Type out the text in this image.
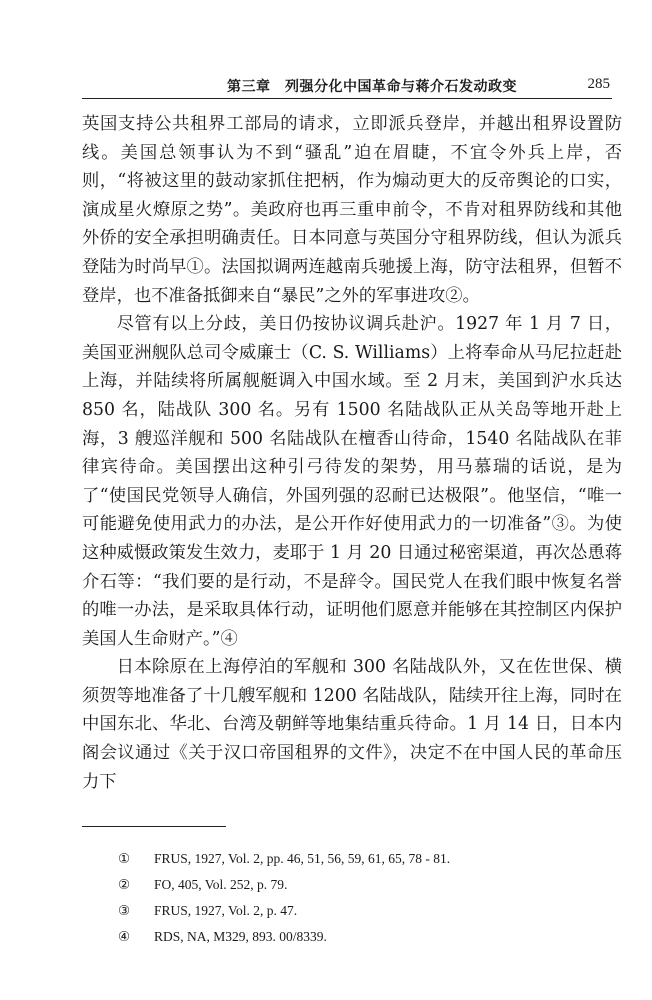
第三章　列强分化中国革命与蒋介石发动政变	285

英国支持公共租界工部局的请求，立即派兵登岸，并越出租界设置防线。美国总领事认为不到“骚乱”迫在眉睫，不宜令外兵上岸，否则，“将被这里的鼓动家抓住把柄，作为煽动更大的反帝舆论的口实，演成星火燎原之势”。美政府也再三重申前令，不肯对租界防线和其他外侨的安全承担明确责任。日本同意与英国分守租界防线，但认为派兵登陆为时尚早①。法国拟调两连越南兵驰援上海，防守法租界，但暂不登岸，也不准备抵御来自“暴民”之外的军事进攻②。

尽管有以上分歧，美日仍按协议调兵赴沪。1927 年 1 月 7 日，美国亚洲舰队总司令威廉士（C. S. Williams）上将奉命从马尼拉赶赴上海，并陆续将所属舰艇调入中国水域。至 2 月末，美国到沪水兵达 850 名，陆战队 300 名。另有 1500 名陆战队正从关岛等地开赴上海，3 艘巡洋舰和 500 名陆战队在檀香山待命，1540 名陆战队在菲律宾待命。美国摆出这种引弓待发的架势，用马慕瑞的话说，是为了“使国民党领导人确信，外国列强的忍耐已达极限”。他坚信，“唯一可能避免使用武力的办法，是公开作好使用武力的一切准备”③。为使这种威慑政策发生效力，麦耶于 1 月 20 日通过秘密渠道，再次怂恿蒋介石等：“我们要的是行动，不是辞令。国民党人在我们眼中恢复名誉的唯一办法，是采取具体行动，证明他们愿意并能够在其控制区内保护美国人生命财产。”④

日本除原在上海停泊的军舰和 300 名陆战队外，又在佐世保、横须贺等地准备了十几艘军舰和 1200 名陆战队，陆续开往上海，同时在中国东北、华北、台湾及朝鲜等地集结重兵待命。1 月 14 日，日本内阁会议通过《关于汉口帝国租界的文件》，决定不在中国人民的革命压力下

①	FRUS, 1927, Vol. 2, pp. 46, 51, 56, 59, 61, 65, 78 - 81.
②	FO, 405, Vol. 252, p. 79.
③	FRUS, 1927, Vol. 2, p. 47.
④	RDS, NA, M329, 893. 00/8339.
